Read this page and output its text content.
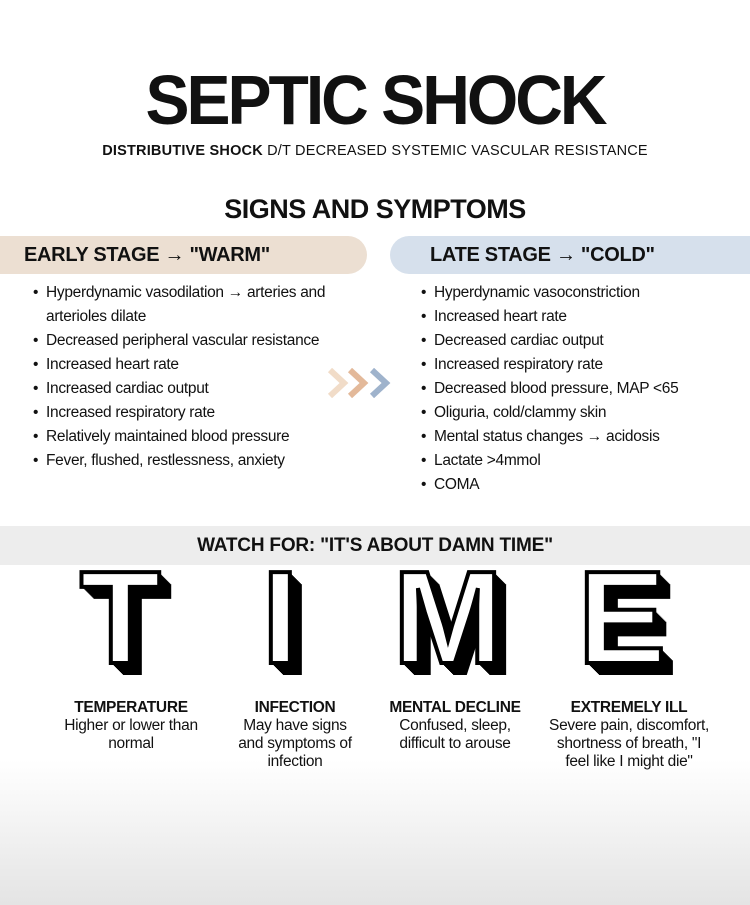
SEPTIC SHOCK
DISTRIBUTIVE SHOCK D/T DECREASED SYSTEMIC VASCULAR RESISTANCE
SIGNS AND SYMPTOMS
EARLY STAGE → "WARM"	LATE STAGE → "COLD"
• Hyperdynamic vasodilation → arteries and arterioles dilate
• Decreased peripheral vascular resistance
• Increased heart rate
• Increased cardiac output
• Increased respiratory rate
• Relatively maintained blood pressure
• Fever, flushed, restlessness, anxiety
• Hyperdynamic vasoconstriction
• Increased heart rate
• Decreased cardiac output
• Increased respiratory rate
• Decreased blood pressure, MAP <65
• Oliguria, cold/clammy skin
• Mental status changes → acidosis
• Lactate >4mmol
• COMA
WATCH FOR: "IT'S ABOUT DAMN TIME"
T I M E
TEMPERATURE
Higher or lower than normal
INFECTION
May have signs and symptoms of infection
MENTAL DECLINE
Confused, sleep, difficult to arouse
EXTREMELY ILL
Severe pain, discomfort, shortness of breath, "I feel like I might die"
